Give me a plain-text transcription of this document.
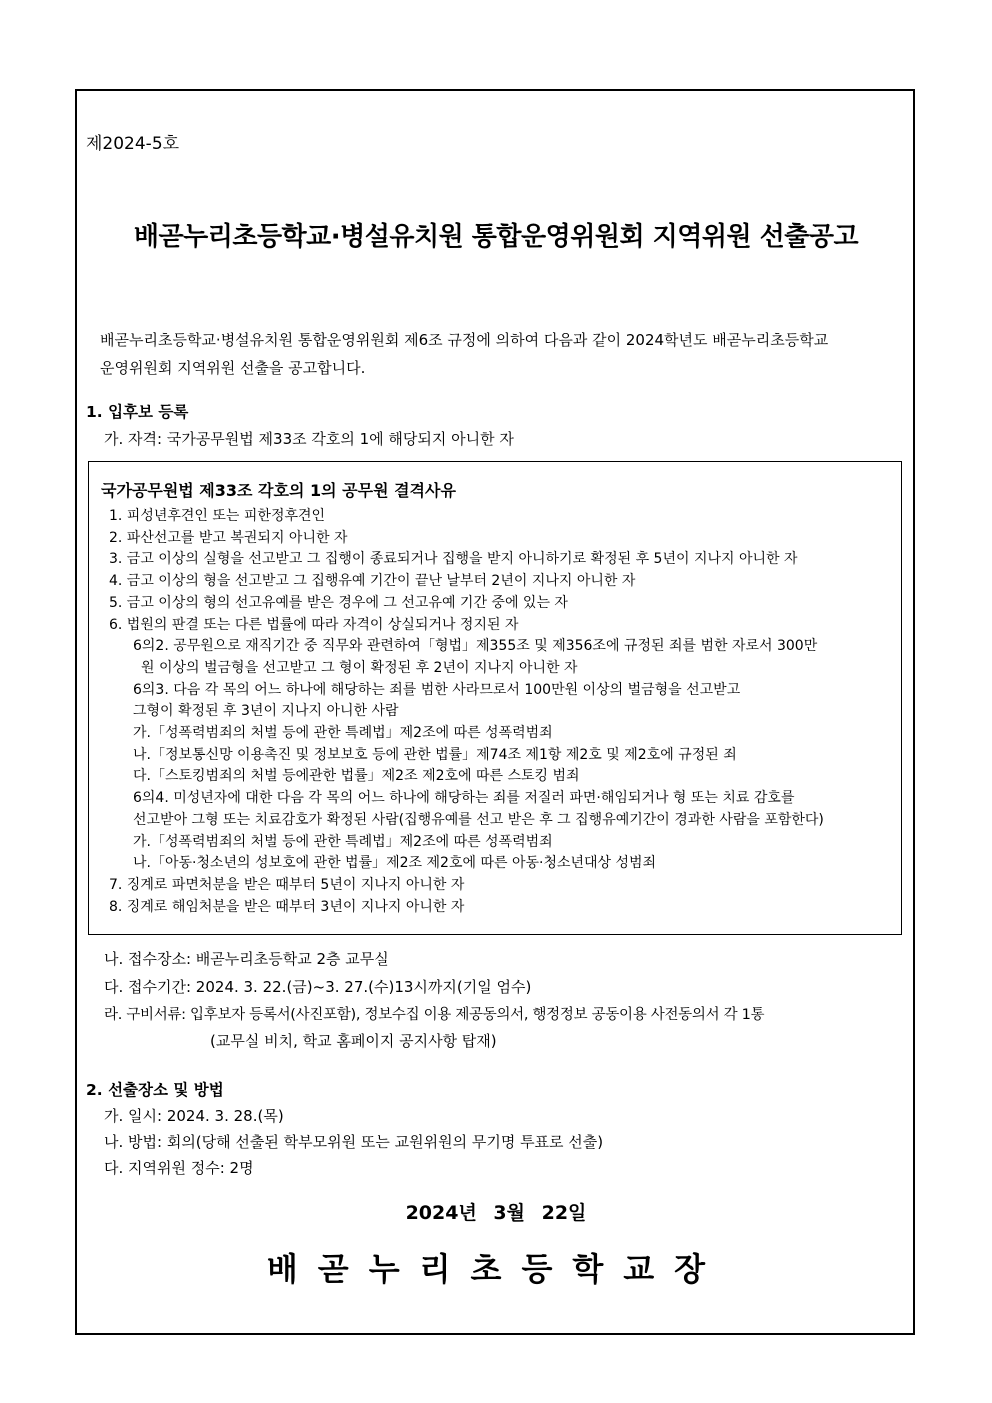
제2024-5호
배곧누리초등학교·병설유치원 통합운영위원회 지역위원 선출공고
배곧누리초등학교·병설유치원 통합운영위원회 제6조 규정에 의하여 다음과 같이 2024학년도 배곧누리초등학교
운영위원회 지역위원 선출을 공고합니다.
1. 입후보 등록
가. 자격: 국가공무원법 제33조 각호의 1에 해당되지 아니한 자
국가공무원법 제33조 각호의 1의 공무원 결격사유
1. 피성년후견인 또는 피한정후견인
2. 파산선고를 받고 복권되지 아니한 자
3. 금고 이상의 실형을 선고받고 그 집행이 종료되거나 집행을 받지 아니하기로 확정된 후 5년이 지나지 아니한 자
4. 금고 이상의 형을 선고받고 그 집행유예 기간이 끝난 날부터 2년이 지나지 아니한 자
5. 금고 이상의 형의 선고유예를 받은 경우에 그 선고유예 기간 중에 있는 자
6. 법원의 판결 또는 다른 법률에 따라 자격이 상실되거나 정지된 자
6의2. 공무원으로 재직기간 중 직무와 관련하여「형법」제355조 및 제356조에 규정된 죄를 범한 자로서 300만
원 이상의 벌금형을 선고받고 그 형이 확정된 후 2년이 지나지 아니한 자
6의3. 다음 각 목의 어느 하나에 해당하는 죄를 범한 사라므로서 100만원 이상의 벌금형을 선고받고
그형이 확정된 후 3년이 지나지 아니한 사람
가.「성폭력범죄의 처벌 등에 관한 특례법」제2조에 따른 성폭력범죄
나.「정보통신망 이용촉진 및 정보보호 등에 관한 법률」제74조 제1항 제2호 및 제2호에 규정된 죄
다.「스토킹범죄의 처벌 등에관한 법률」제2조 제2호에 따른 스토킹 범죄
6의4. 미성년자에 대한 다음 각 목의 어느 하나에 해당하는 죄를 저질러 파면·해임되거나 형 또는 치료 감호를
선고받아 그형 또는 치료감호가 확정된 사람(집행유예를 선고 받은 후 그 집행유예기간이 경과한 사람을 포함한다)
가.「성폭력범죄의 처벌 등에 관한 특례법」제2조에 따른 성폭력범죄
나.「아동·청소년의 성보호에 관한 법률」제2조 제2호에 따른 아동·청소년대상 성범죄
7. 징계로 파면처분을 받은 때부터 5년이 지나지 아니한 자
8. 징계로 해임처분을 받은 때부터 3년이 지나지 아니한 자
나. 접수장소: 배곧누리초등학교 2층 교무실
다. 접수기간: 2024. 3. 22.(금)~3. 27.(수)13시까지(기일 엄수)
라. 구비서류: 입후보자 등록서(사진포함), 정보수집 이용 제공동의서, 행정정보 공동이용 사전동의서 각 1통
(교무실 비치, 학교 홈페이지 공지사항 탑재)
2. 선출장소 및 방법
가. 일시: 2024. 3. 28.(목)
나. 방법: 회의(당해 선출된 학부모위원 또는 교원위원의 무기명 투표로 선출)
다. 지역위원 정수: 2명
2024년 3월 22일
배곧누리초등학교장
